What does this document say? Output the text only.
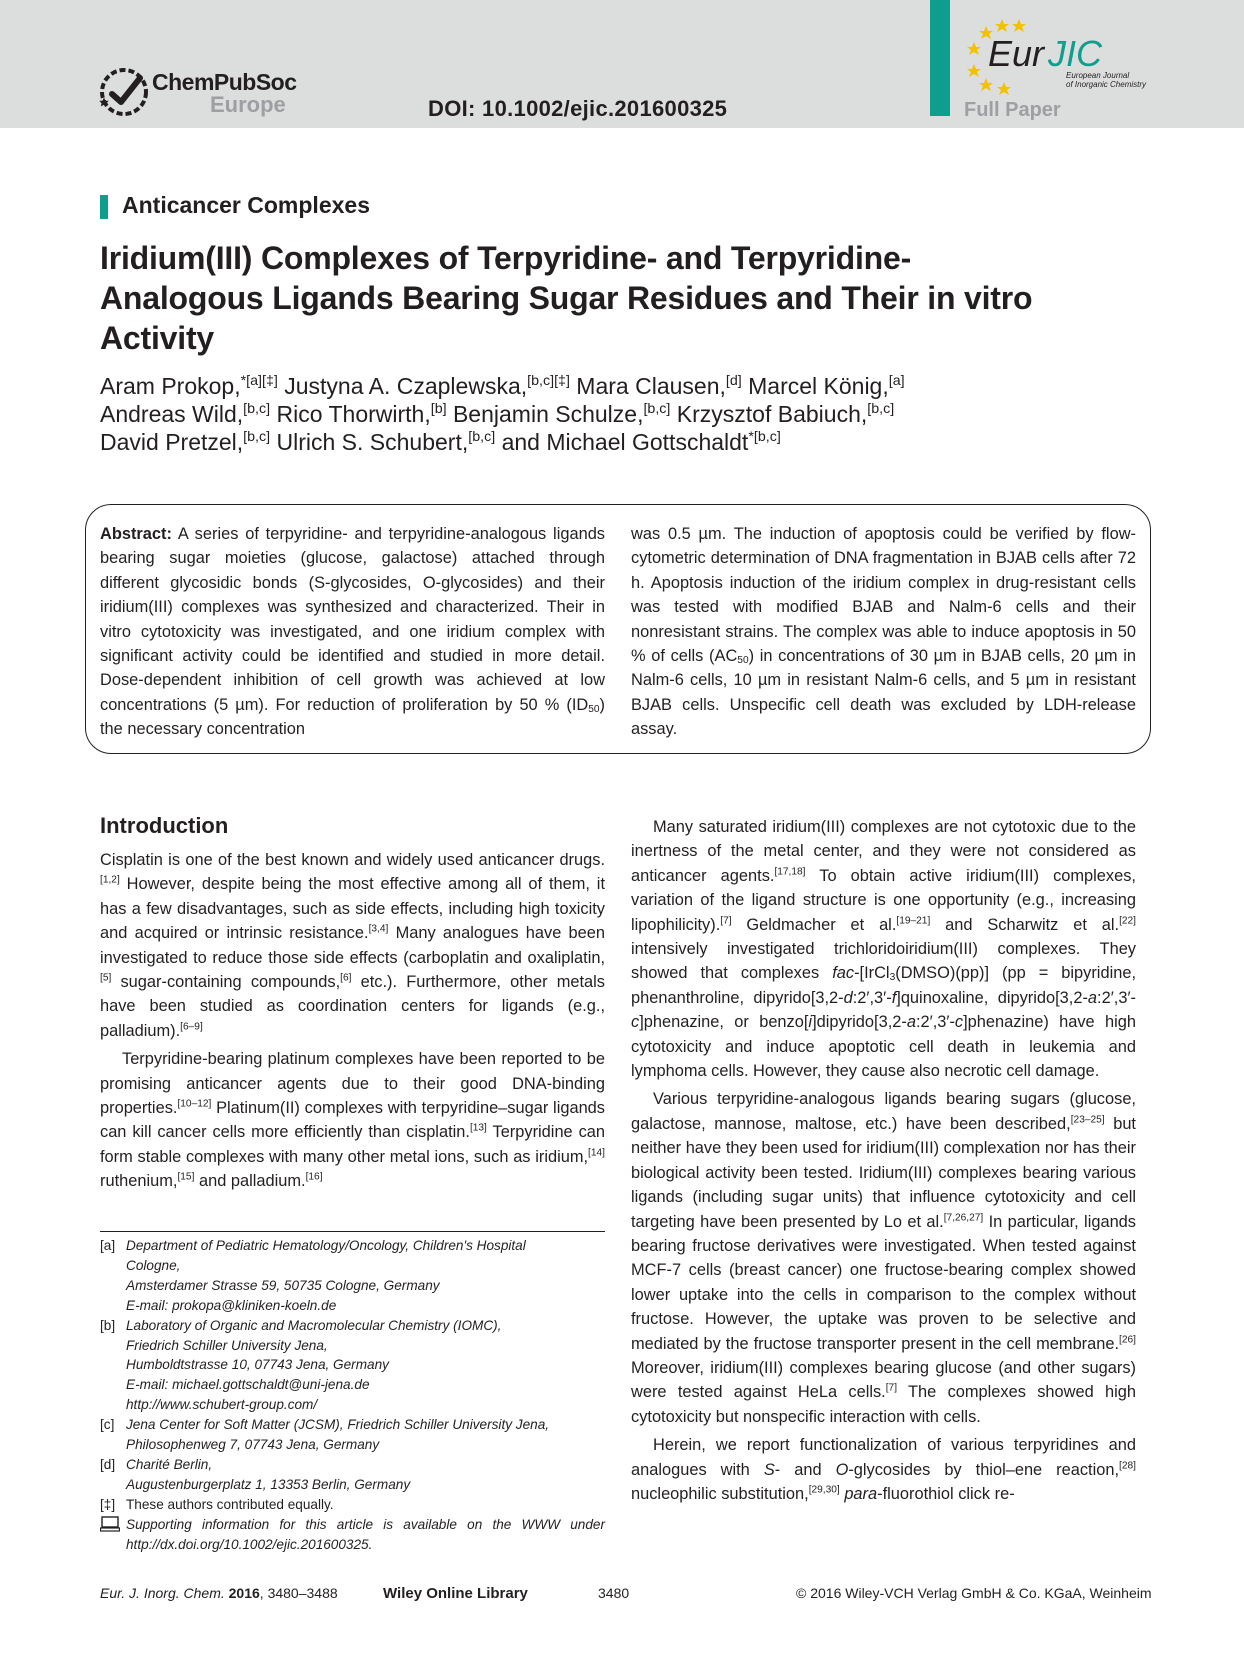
ChemPubSoc
Europe	DOI: 10.1002/ejic.201600325
Eur JIC
European Journal
of Inorganic Chemistry
Full Paper
Anticancer Complexes
Iridium(III) Complexes of Terpyridine- and Terpyridine-
Analogous Ligands Bearing Sugar Residues and Their in vitro
Activity
Aram Prokop,$^{*[a][\ddagger]}$ Justyna A. Czaplewska,[b,c][‡] Mara Clausen,[d] Marcel König,[a]
Andreas Wild,[b,c] Rico Thorwirth,[b] Benjamin Schulze,[b,c] Krzysztof Babiuch,[b,c]
David Pretzel,[b,c] Ulrich S. Schubert,[b,c] and Michael Gottschaldt$^{*[b,c]}$
Abstract: A series of terpyridine- and terpyridine-analogous ligands bearing sugar moieties (glucose, galactose) attached through different glycosidic bonds (S-glycosides, O-glycosides) and their iridium(III) complexes was synthesized and characterized. Their in vitro cytotoxicity was investigated, and one iridium complex with significant activity could be identified and studied in more detail. Dose-dependent inhibition of cell growth was achieved at low concentrations (5 µm). For reduction of proliferation by 50 % $(ID_{50})$ the necessary concentration
was 0.5 µm. The induction of apoptosis could be verified by flow-cytometric determination of DNA fragmentation in BJAB cells after 72 h. Apoptosis induction of the iridium complex in drug-resistant cells was tested with modified BJAB and Nalm-6 cells and their nonresistant strains. The complex was able to induce apoptosis in 50 % of cells $(AC_{50})$ in concentrations of 30 µm in BJAB cells, 20 µm in Nalm-6 cells, 10 µm in resistant Nalm-6 cells, and 5 µm in resistant BJAB cells. Unspecific cell death was excluded by LDH-release assay.
Introduction

Cisplatin is one of the best known and widely used anticancer drugs.[1,2] However, despite being the most effective among all of them, it has a few disadvantages, such as side effects, including high toxicity and acquired or intrinsic resistance.[3,4] Many analogues have been investigated to reduce those side effects (carboplatin and oxaliplatin,[5] sugar-containing compounds,[6] etc.). Furthermore, other metals have been studied as coordination centers for ligands (e.g., palladium).[6–9]

Terpyridine-bearing platinum complexes have been reported to be promising anticancer agents due to their good DNA-binding properties.[10–12] Platinum(II) complexes with terpyridine–sugar ligands can kill cancer cells more efficiently than cisplatin.[13] Terpyridine can form stable complexes with many other metal ions, such as iridium,[14] ruthenium,[15] and palladium.[16]

Many saturated iridium(III) complexes are not cytotoxic due to the inertness of the metal center, and they were not considered as anticancer agents.[17,18] To obtain active iridium(III) complexes, variation of the ligand structure is one opportunity (e.g., increasing lipophilicity).[7] Geldmacher et al.[19–21] and Scharwitz et al.[22] intensively investigated trichloridoiridium(III) complexes. They showed that complexes fac-[IrCl$_3$(DMSO)(pp)] (pp = bipyridine, phenanthroline, dipyrido[3,2-d:2′,3′-f]quinoxaline, dipyrido[3,2-a:2′,3′-c]phenazine, or benzo[i]dipyrido[3,2-a:2′,3′-c]phenazine) have high cytotoxicity and induce apoptotic cell death in leukemia and lymphoma cells. However, they cause also necrotic cell damage.

Various terpyridine-analogous ligands bearing sugars (glucose, galactose, mannose, maltose, etc.) have been described,[23–25] but neither have they been used for iridium(III) complexation nor has their biological activity been tested. Iridium(III) complexes bearing various ligands (including sugar units) that influence cytotoxicity and cell targeting have been presented by Lo et al.[7,26,27] In particular, ligands bearing fructose derivatives were investigated. When tested against MCF-7 cells (breast cancer) one fructose-bearing complex showed lower uptake into the cells in comparison to the complex without fructose. However, the uptake was proven to be selective and mediated by the fructose transporter present in the cell membrane.[26] Moreover, iridium(III) complexes bearing glucose (and other sugars) were tested against HeLa cells.[7] The complexes showed high cytotoxicity but nonspecific interaction with cells.

Herein, we report functionalization of various terpyridines and analogues with S- and O-glycosides by thiol–ene reaction,[28] nucleophilic substitution,[29,30] para-fluorothiol click re-

[a] Department of Pediatric Hematology/Oncology, Children's Hospital Cologne,
Amsterdamer Strasse 59, 50735 Cologne, Germany
E-mail: prokopa@kliniken-koeln.de
[b] Laboratory of Organic and Macromolecular Chemistry (IOMC),
Friedrich Schiller University Jena,
Humboldtstrasse 10, 07743 Jena, Germany
E-mail: michael.gottschaldt@uni-jena.de
http://www.schubert-group.com/
[c] Jena Center for Soft Matter (JCSM), Friedrich Schiller University Jena,
Philosophenweg 7, 07743 Jena, Germany
[d] Charité Berlin,
Augustenburgerplatz 1, 13353 Berlin, Germany
[‡] These authors contributed equally.
Supporting information for this article is available on the WWW under http://dx.doi.org/10.1002/ejic.201600325.
Eur. J. Inorg. Chem. 2016, 3480–3488	Wiley Online Library	3480	© 2016 Wiley-VCH Verlag GmbH & Co. KGaA, Weinheim
